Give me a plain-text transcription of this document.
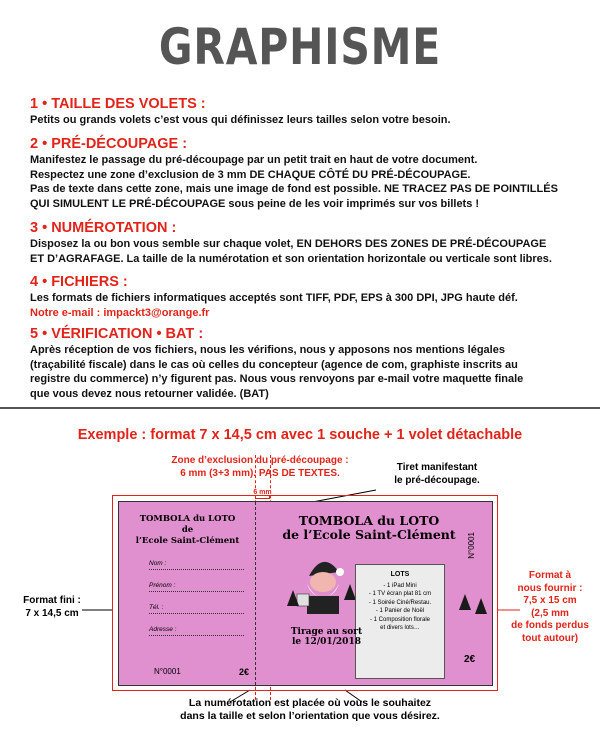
GRAPHISME
1 • TAILLE DES VOLETS :
Petits ou grands volets c’est vous qui définissez leurs tailles selon votre besoin.
2 • PRÉ-DÉCOUPAGE :
Manifestez le passage du pré-découpage par un petit trait en haut de votre document.
Respectez une zone d’exclusion de 3 mm DE CHAQUE CÔTÉ DU PRÉ-DÉCOUPAGE.
Pas de texte dans cette zone, mais une image de fond est possible. NE TRACEZ PAS DE POINTILLÉS
QUI SIMULENT LE PRÉ-DÉCOUPAGE sous peine de les voir imprimés sur vos billets !
3 • NUMÉROTATION :
Disposez la ou bon vous semble sur chaque volet, EN DEHORS DES ZONES DE PRÉ-DÉCOUPAGE
ET D’AGRAFAGE. La taille de la numérotation et son orientation horizontale ou verticale sont libres.
4 • FICHIERS :
Les formats de fichiers informatiques acceptés sont TIFF, PDF, EPS à 300 DPI, JPG haute déf.
Notre e-mail : impackt3@orange.fr
5 • VÉRIFICATION • BAT :
Après réception de vos fichiers, nous les vérifions, nous y apposons nos mentions légales
(traçabilité fiscale) dans le cas où celles du concepteur (agence de com, graphiste inscrits au
registre du commerce) n’y figurent pas. Nous vous renvoyons par e-mail votre maquette finale
que vous devez nous retourner validée. (BAT)
Exemple : format 7 x 14,5 cm avec 1 souche + 1 volet détachable
Zone d’exclusion du pré-découpage :
6 mm (3+3 mm). PAS DE TEXTES.	Tiret manifestant
le pré-découpage.
Format fini :
7 x 14,5 cm
Format à
nous fournir :
7,5 x 15 cm
(2,5 mm
de fonds perdus
tout autour)
La numérotation est placée où vous le souhaitez
dans la taille et selon l’orientation que vous désirez.
6 mm
TOMBOLA du LOTO
de
l’Ecole Saint-Clément
Nom :
Prénom :
Tél. :
Adresse :
N°0001	2€
TOMBOLA du LOTO
de l’Ecole Saint-Clément	N°0001
LOTS
- 1 iPad Mini
- 1 TV écran plat 81 cm
- 1 Soirée Ciné/Restau.
- 1 Panier de Noël
- 1 Composition florale
et divers lots…
Tirage au sort
le 12/01/2018
2€
